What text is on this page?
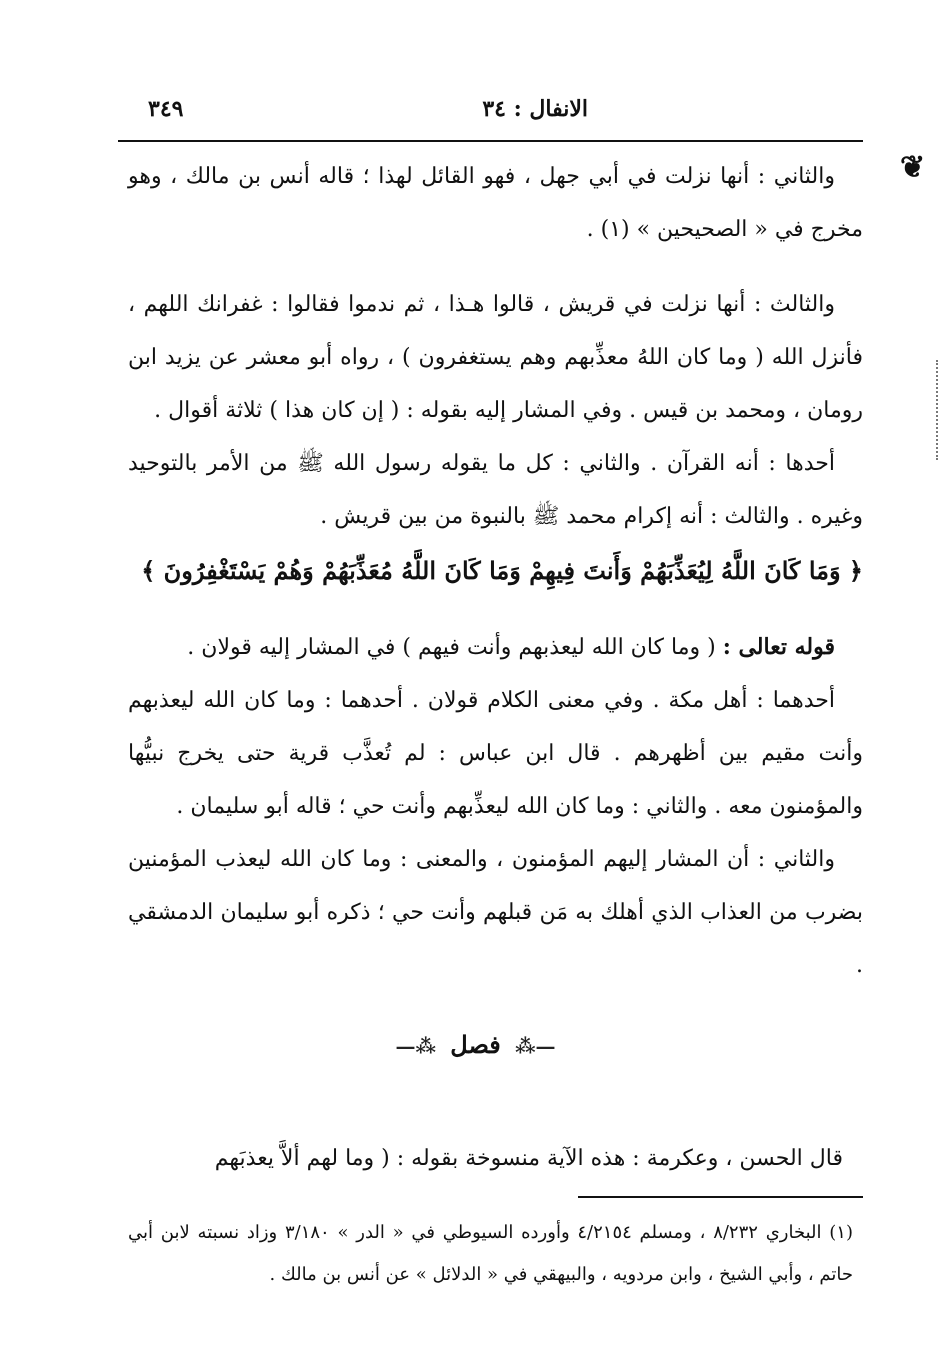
الانفال : ٣٤
٣٤٩
❦

والثاني : أنها نزلت في أبي جهل ، فهو القائل لهذا ؛ قاله أنس بن مالك ، وهو مخرج في « الصحيحين » (١) .

والثالث : أنها نزلت في قريش ، قالوا هـذا ، ثم ندموا فقالوا : غفرانك اللهم ، فأنزل الله ( وما كان اللهُ معذِّبهم وهم يستغفرون ) ، رواه أبو معشر عن يزيد ابن رومان ، ومحمد بن قيس . وفي المشار إليه بقوله : ( إن كان هذا ) ثلاثة أقوال .

أحدها : أنه القرآن . والثاني : كل ما يقوله رسول الله ﷺ من الأمر بالتوحيد وغيره . والثالث : أنه إكرام محمد ﷺ بالنبوة من بين قريش .

﴿ وَمَا كَانَ اللَّهُ لِيُعَذِّبَهُمْ وَأَنتَ فِيهِمْ وَمَا كَانَ اللَّهُ مُعَذِّبَهُمْ وَهُمْ يَسْتَغْفِرُونَ ﴾

قوله تعالى : ( وما كان الله ليعذبهم وأنت فيهم ) في المشار إليه قولان .

أحدهما : أهل مكة . وفي معنى الكلام قولان . أحدهما : وما كان الله ليعذبهم وأنت مقيم بين أظهرهم . قال ابن عباس : لم تُعذَّب قرية حتى يخرج نبيُّها والمؤمنون معه . والثاني : وما كان الله ليعذِّبهم وأنت حي ؛ قاله أبو سليمان .

والثاني : أن المشار إليهم المؤمنون ، والمعنى : وما كان الله ليعذب المؤمنين بضرب من العذاب الذي أهلك به مَن قبلهم وأنت حي ؛ ذكره أبو سليمان الدمشقي .

—⁂ فصل ⁂—
قال الحسن ، وعكرمة : هذه الآية منسوخة بقوله : ( وما لهم ألاَّ يعذبَهم

(١) البخاري ٨/٢٣٢ ، ومسلم ٤/٢١٥٤ وأورده السيوطي في « الدر » ٣/١٨٠ وزاد نسبته لابن أبي حاتم ، وأبي الشيخ ، وابن مردويه ، والبيهقي في « الدلائل » عن أنس بن مالك .
